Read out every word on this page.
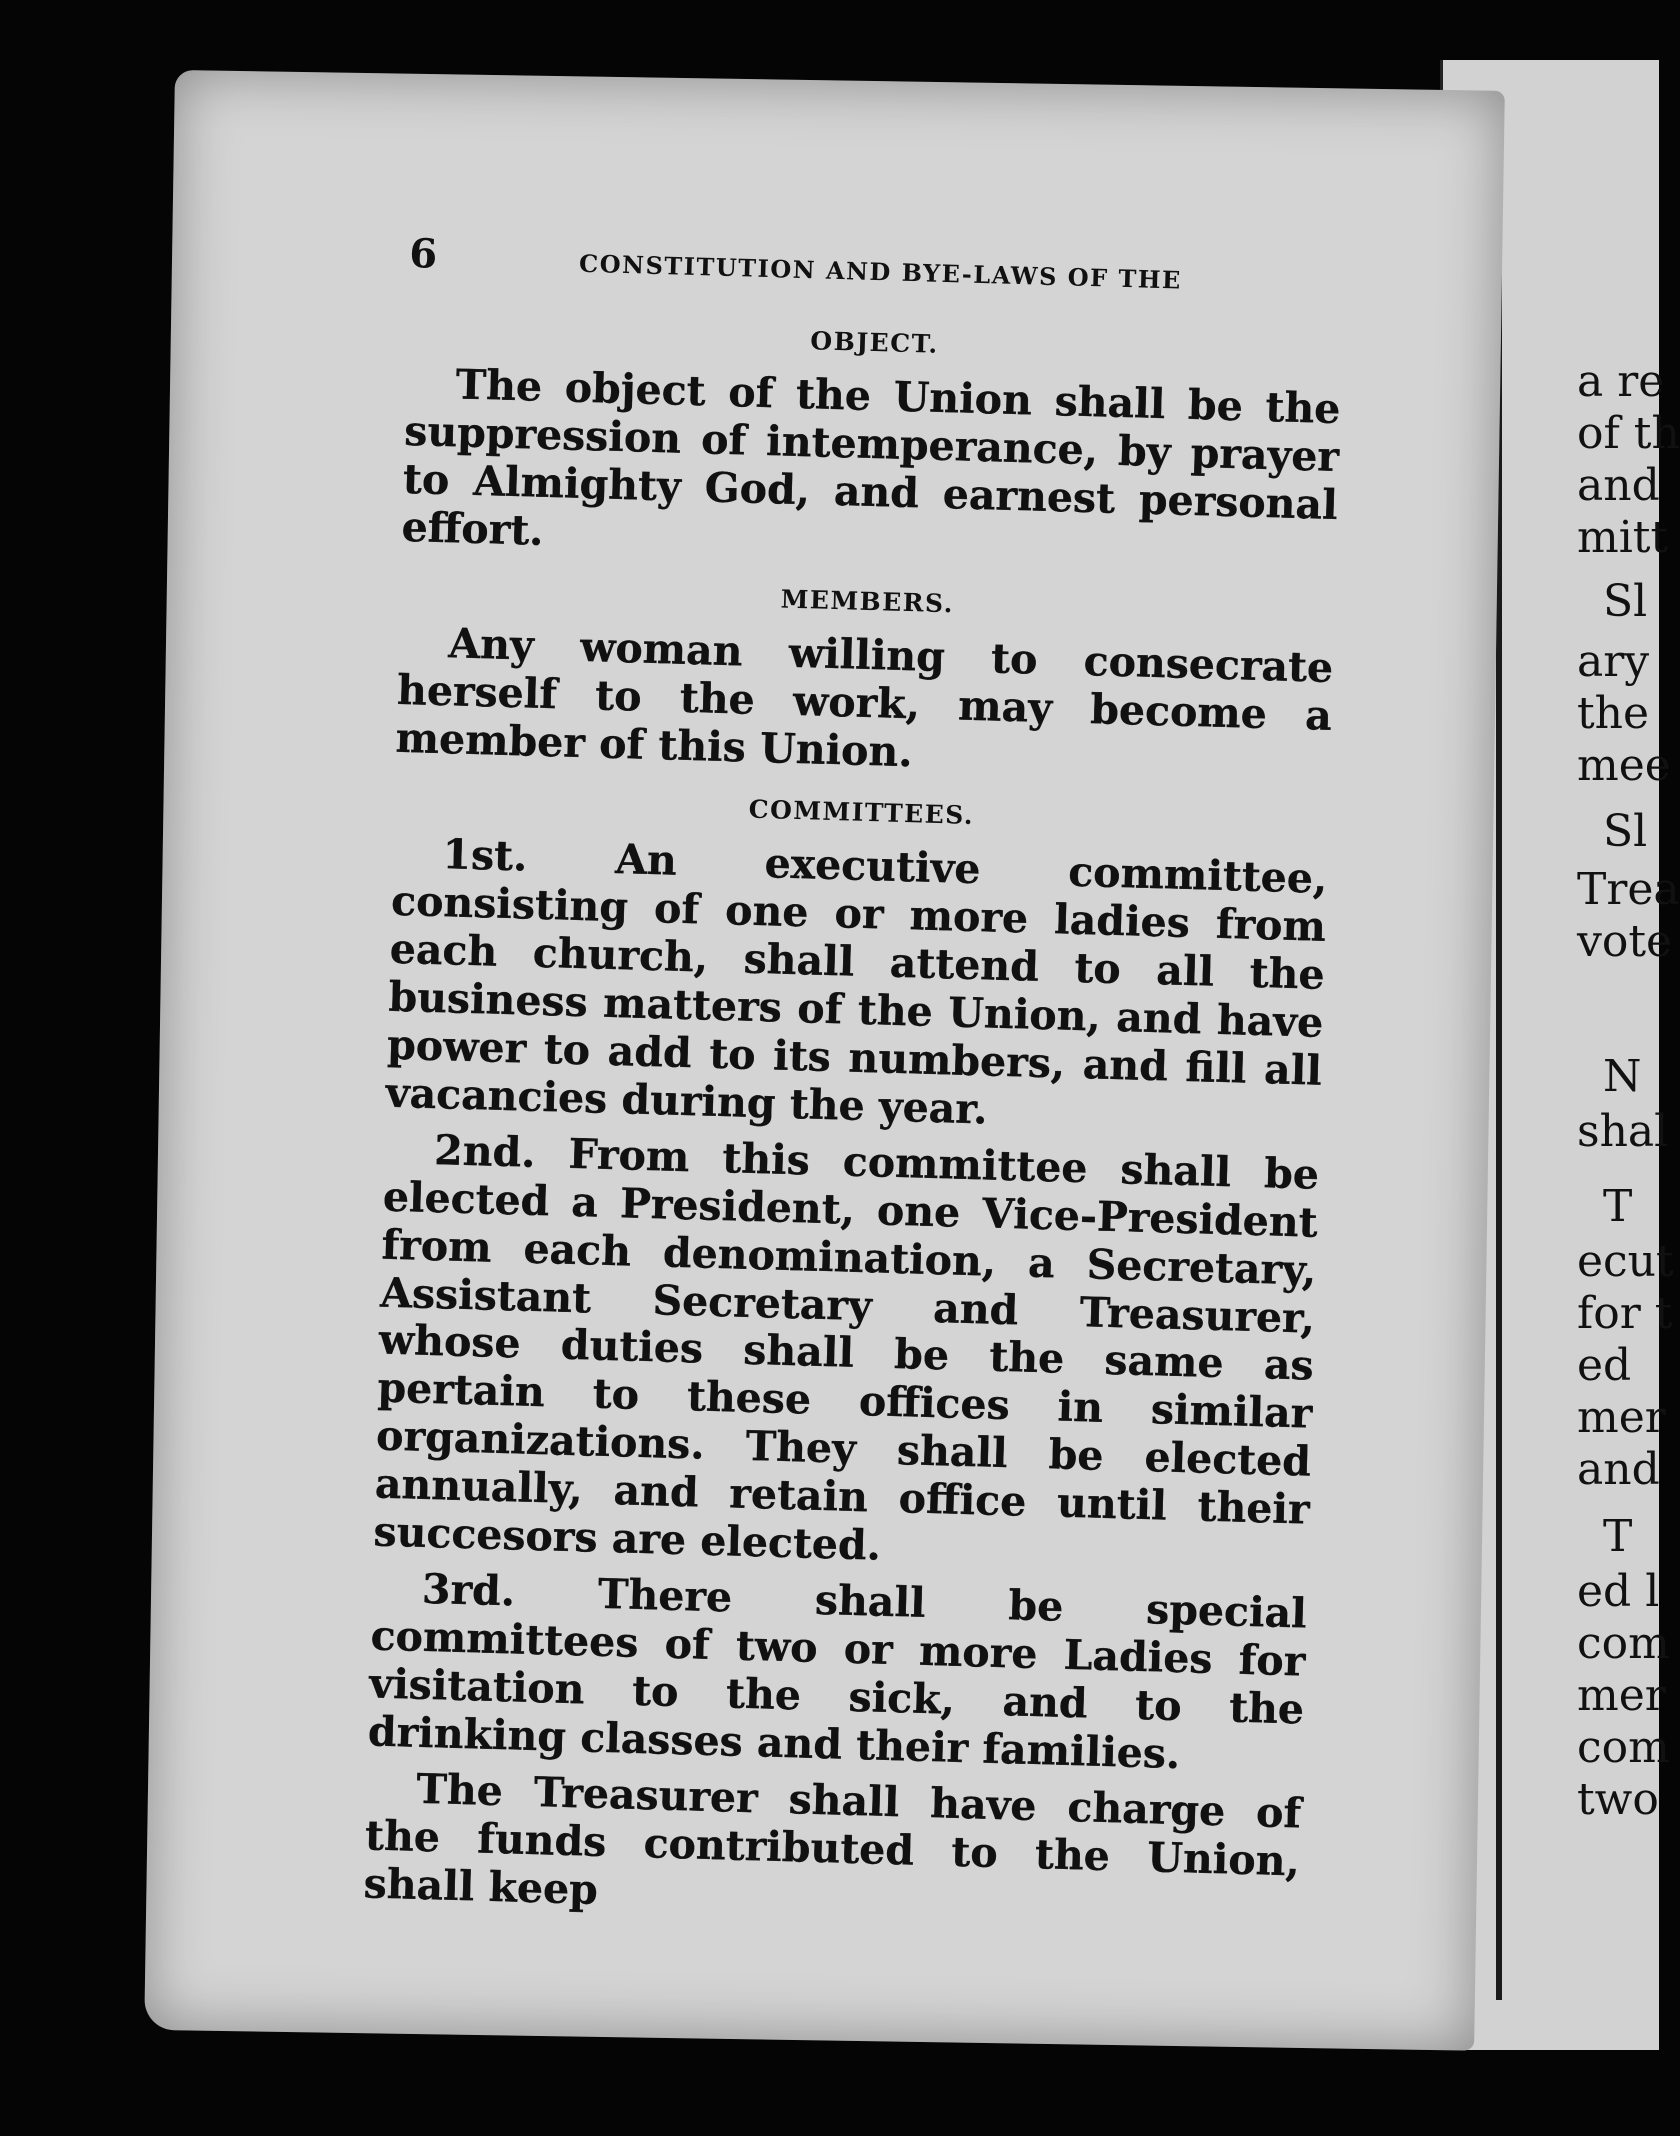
a re
of th
and
mitt
Sl
ary
the
mee
Sl
Trea
vote
N
shal
T
ecut
for t
ed
mer
and
T
ed l
com
mer
com
two
6	CONSTITUTION AND BYE-LAWS OF THE
OBJECT.

The object of the Union shall be the suppression of intemperance, by prayer to Almighty God, and earnest personal effort.

MEMBERS.

Any woman willing to consecrate herself to the work, may become a member of this Union.

COMMITTEES.

1st. An executive committee, consisting of one or more ladies from each church, shall attend to all the business matters of the Union, and have power to add to its numbers, and fill all vacancies during the year.

2nd. From this committee shall be elected a President, one Vice-President from each denomination, a Secretary, Assistant Secretary and Treasurer, whose duties shall be the same as pertain to these offices in similar organizations. They shall be elected annually, and retain office until their succesors are elected.

3rd. There shall be special committees of two or more Ladies for visitation to the sick, and to the drinking classes and their families.

The Treasurer shall have charge of the funds contributed to the Union, shall keep
